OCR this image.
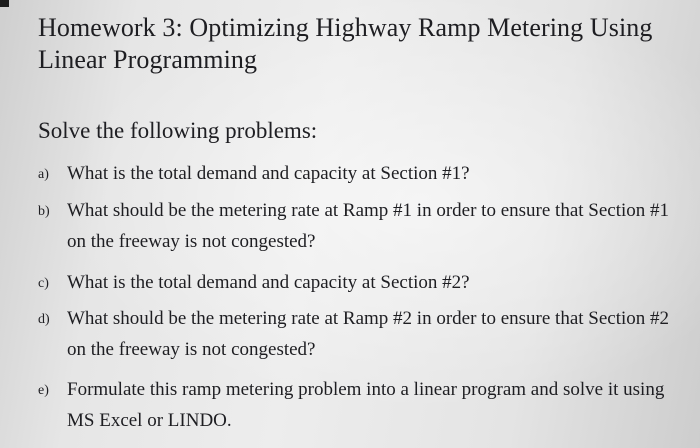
Homework 3: Optimizing Highway Ramp Metering Using Linear Programming

Solve the following problems:

a) What is the total demand and capacity at Section #1?
b) What should be the metering rate at Ramp #1 in order to ensure that Section #1 on the freeway is not congested?
c) What is the total demand and capacity at Section #2?
d) What should be the metering rate at Ramp #2 in order to ensure that Section #2 on the freeway is not congested?
e) Formulate this ramp metering problem into a linear program and solve it using MS Excel or LINDO.
